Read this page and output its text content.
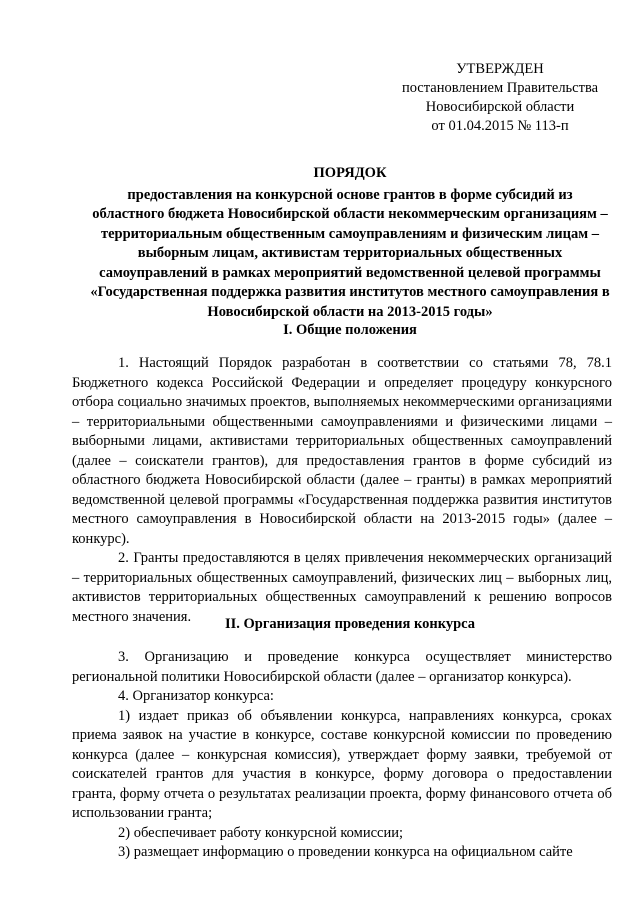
УТВЕРЖДЕН
постановлением Правительства
Новосибирской области
от 01.04.2015 № 113-п
ПОРЯДОК
предоставления на конкурсной основе грантов в форме субсидий из областного бюджета Новосибирской области некоммерческим организациям – территориальным общественным самоуправлениям и физическим лицам – выборным лицам, активистам территориальных общественных самоуправлений в рамках мероприятий ведомственной целевой программы «Государственная поддержка развития институтов местного самоуправления в Новосибирской области на 2013-2015 годы»
I. Общие положения

1. Настоящий Порядок разработан в соответствии со статьями 78, 78.1 Бюджетного кодекса Российской Федерации и определяет процедуру конкурсного отбора социально значимых проектов, выполняемых некоммерческими организациями – территориальными общественными самоуправлениями и физическими лицами – выборными лицами, активистами территориальных общественных самоуправлений (далее – соискатели грантов), для предоставления грантов в форме субсидий из областного бюджета Новосибирской области (далее – гранты) в рамках мероприятий ведомственной целевой программы «Государственная поддержка развития институтов местного самоуправления в Новосибирской области на 2013-2015 годы» (далее – конкурс).

2. Гранты предоставляются в целях привлечения некоммерческих организаций – территориальных общественных самоуправлений, физических лиц – выборных лиц, активистов территориальных общественных самоуправлений к решению вопросов местного значения.	II. Организация проведения конкурса

3. Организацию и проведение конкурса осуществляет министерство региональной политики Новосибирской области (далее – организатор конкурса).

4. Организатор конкурса:

1) издает приказ об объявлении конкурса, направлениях конкурса, сроках приема заявок на участие в конкурсе, составе конкурсной комиссии по проведению конкурса (далее – конкурсная комиссия), утверждает форму заявки, требуемой от соискателей грантов для участия в конкурсе, форму договора о предоставлении гранта, форму отчета о результатах реализации проекта, форму финансового отчета об использовании гранта;

2) обеспечивает работу конкурсной комиссии;

3) размещает информацию о проведении конкурса на официальном сайте
